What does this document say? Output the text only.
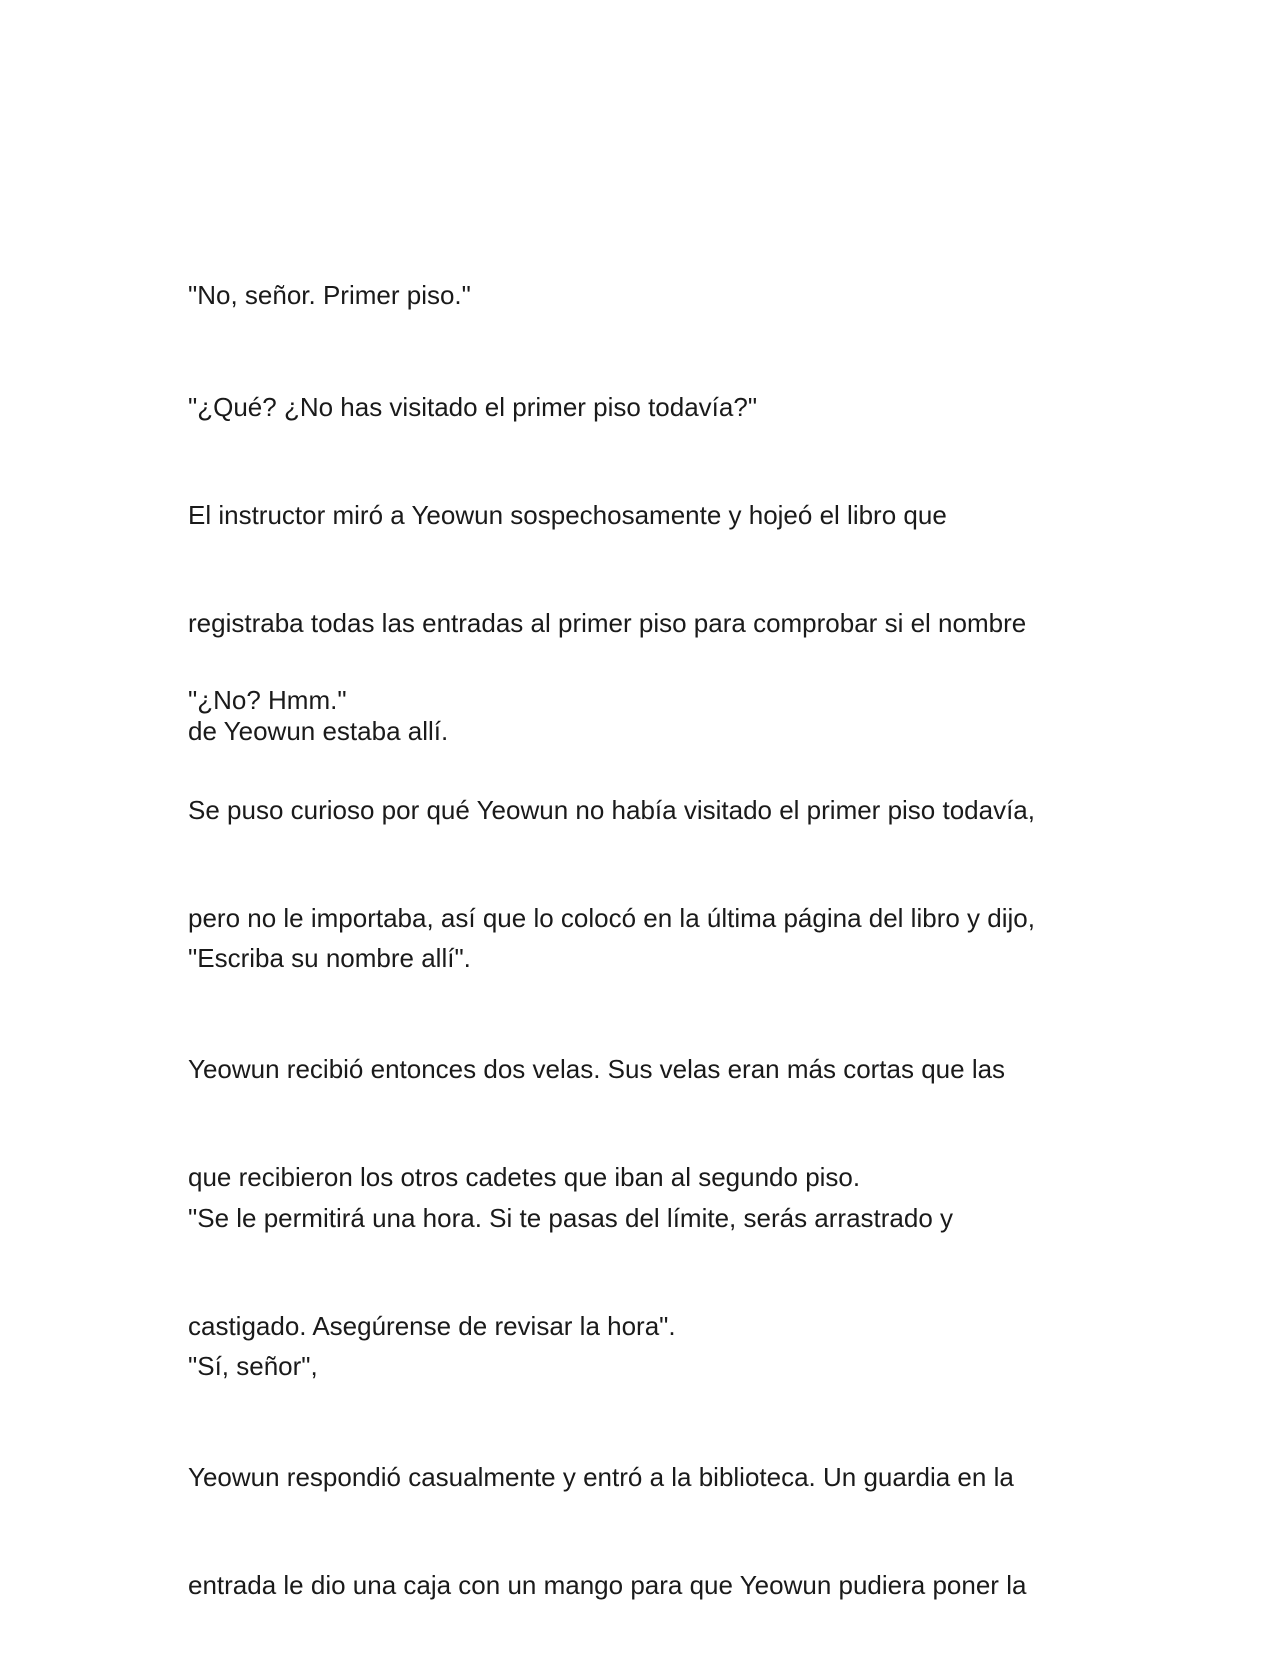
"No, señor. Primer piso."

"¿Qué? ¿No has visitado el primer piso todavía?"

El instructor miró a Yeowun sospechosamente y hojeó el libro que

registraba todas las entradas al primer piso para comprobar si el nombre

de Yeowun estaba allí.

"¿No? Hmm."

Se puso curioso por qué Yeowun no había visitado el primer piso todavía,

pero no le importaba, así que lo colocó en la última página del libro y dijo,

"Escriba su nombre allí".

Yeowun recibió entonces dos velas. Sus velas eran más cortas que las

que recibieron los otros cadetes que iban al segundo piso.

"Se le permitirá una hora. Si te pasas del límite, serás arrastrado y

castigado. Asegúrense de revisar la hora".

"Sí, señor",

Yeowun respondió casualmente y entró a la biblioteca. Un guardia en la

entrada le dio una caja con un mango para que Yeowun pudiera poner la
